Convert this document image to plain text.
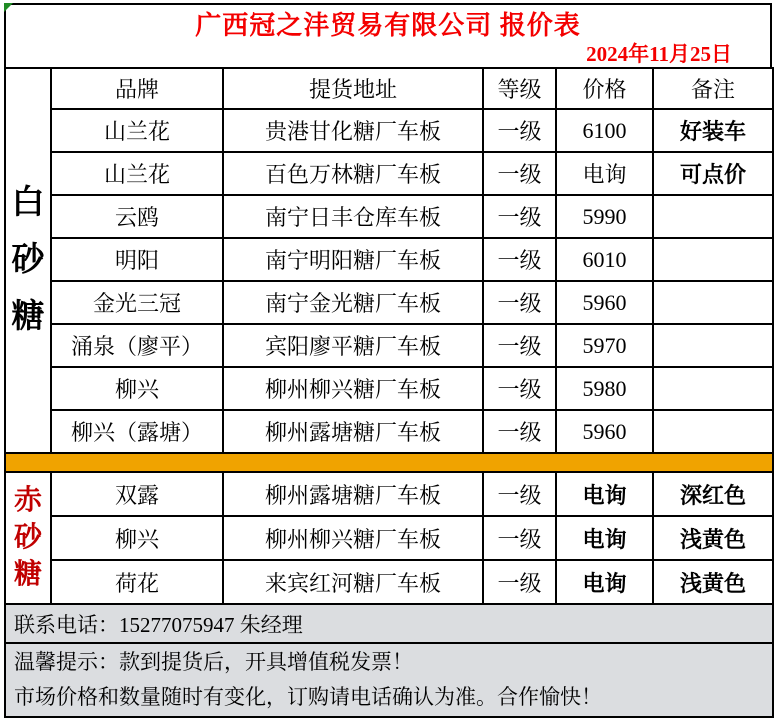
广西冠之沣贸易有限公司 报价表
2024年11月25日
白
砂
糖	品牌	提货地址	等级	价格	备注
	山兰花	贵港甘化糖厂车板	一级	6100	好装车
	山兰花	百色万林糖厂车板	一级	电询	可点价
	云鸥	南宁日丰仓库车板	一级	5990	
	明阳	南宁明阳糖厂车板	一级	6010	
	金光三冠	南宁金光糖厂车板	一级	5960	
	涌泉（廖平）	宾阳廖平糖厂车板	一级	5970	
	柳兴	柳州柳兴糖厂车板	一级	5980	
	柳兴（露塘）	柳州露塘糖厂车板	一级	5960	

赤
砂
糖	双露	柳州露塘糖厂车板	一级	电询	深红色
	柳兴	柳州柳兴糖厂车板	一级	电询	浅黄色
	荷花	来宾红河糖厂车板	一级	电询	浅黄色
联系电话：15277075947 朱经理					

温馨提示：款到提货后，开具增值税发票！
市场价格和数量随时有变化，订购请电话确认为准。合作愉快！					
